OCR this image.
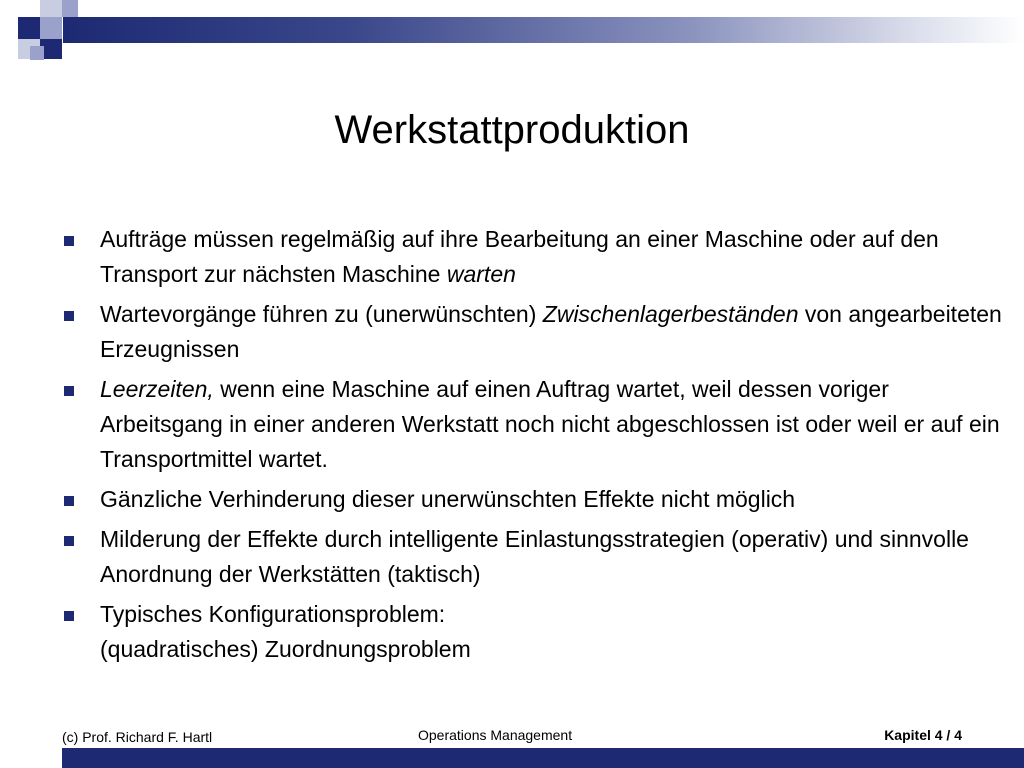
Werkstattproduktion
Aufträge müssen regelmäßig auf ihre Bearbeitung an einer Maschine oder auf den Transport zur nächsten Maschine warten
Wartevorgänge führen zu (unerwünschten) Zwischenlagerbeständen von angearbeiteten Erzeugnissen
Leerzeiten, wenn eine Maschine auf einen Auftrag wartet, weil dessen voriger Arbeitsgang in einer anderen Werkstatt noch nicht abgeschlossen ist oder weil er auf ein Transportmittel wartet.
Gänzliche Verhinderung dieser unerwünschten Effekte nicht möglich
Milderung der Effekte durch intelligente Einlastungsstrategien (operativ) und sinnvolle Anordnung der Werkstätten (taktisch)
Typisches Konfigurationsproblem:
(quadratisches) Zuordnungsproblem
(c) Prof. Richard F. Hartl	Operations Management	Kapitel 4 / 4
